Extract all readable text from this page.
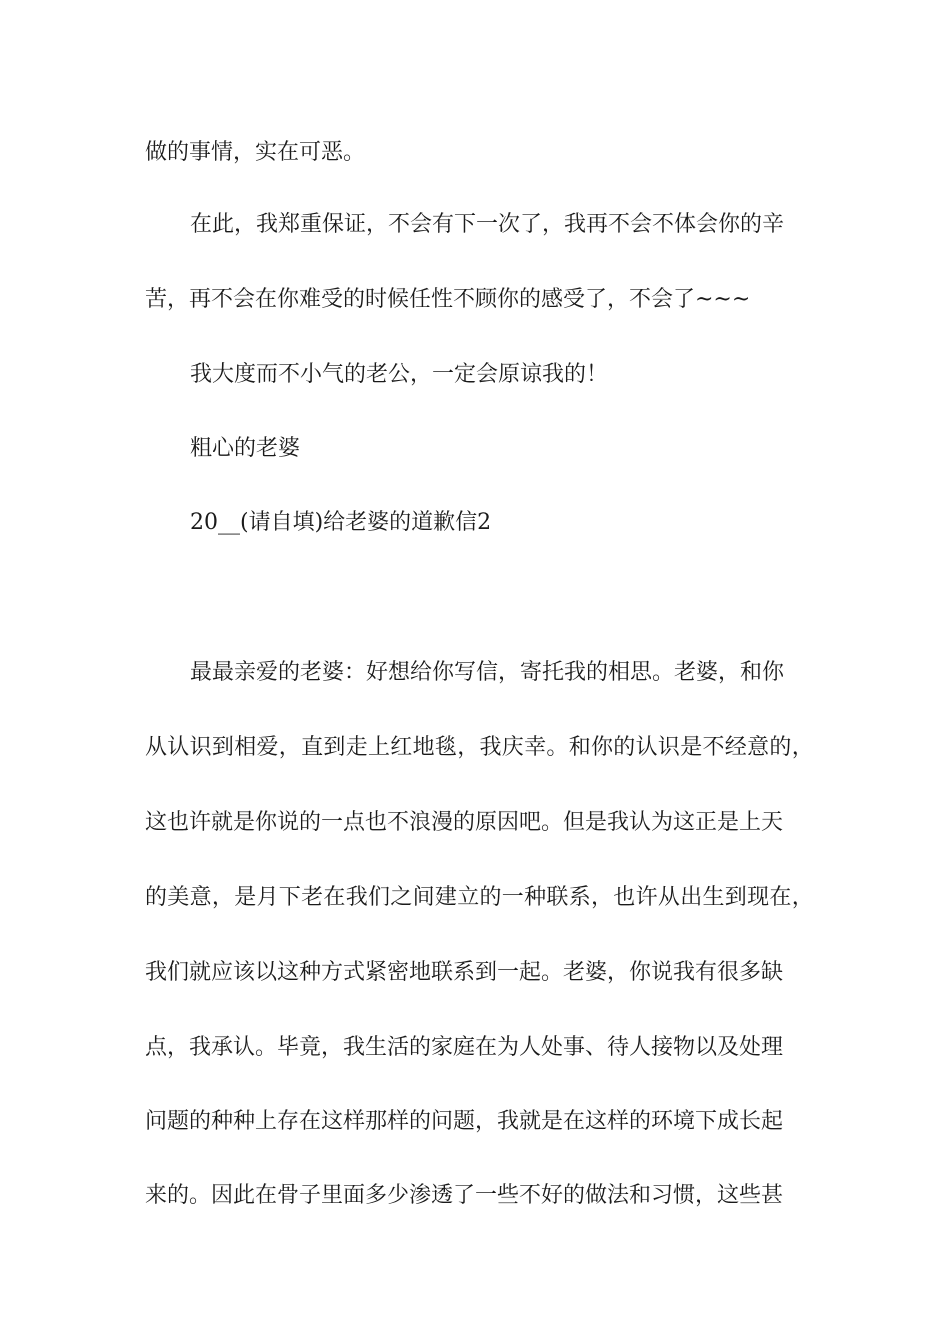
做的事情，实在可恶。

在此，我郑重保证，不会有下一次了，我再不会不体会你的辛

苦，再不会在你难受的时候任性不顾你的感受了，不会了~~~

我大度而不小气的老公，一定会原谅我的！

粗心的老婆

20__(请自填)给老婆的道歉信2

最最亲爱的老婆：好想给你写信，寄托我的相思。老婆，和你

从认识到相爱，直到走上红地毯，我庆幸。和你的认识是不经意的，

这也许就是你说的一点也不浪漫的原因吧。但是我认为这正是上天

的美意，是月下老在我们之间建立的一种联系，也许从出生到现在，

我们就应该以这种方式紧密地联系到一起。老婆，你说我有很多缺

点，我承认。毕竟，我生活的家庭在为人处事、待人接物以及处理

问题的种种上存在这样那样的问题，我就是在这样的环境下成长起

来的。因此在骨子里面多少渗透了一些不好的做法和习惯，这些甚
